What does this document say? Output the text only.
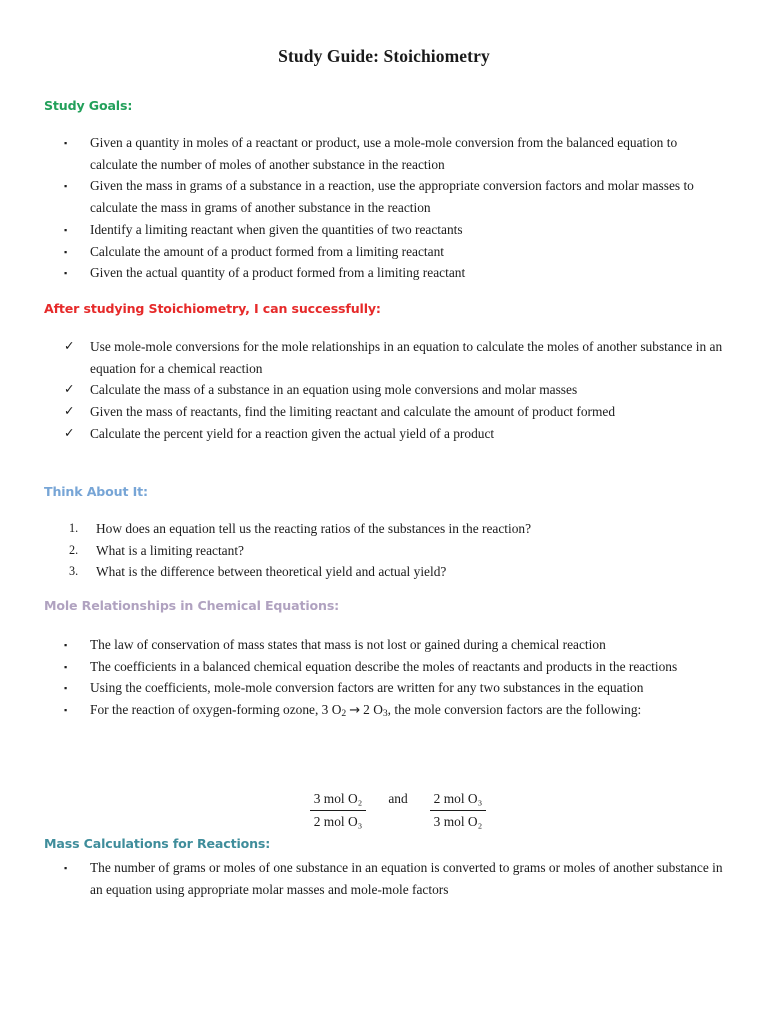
Study Guide: Stoichiometry
Study Goals:
▪	Given a quantity in moles of a reactant or product, use a mole-mole conversion from the balanced equation to calculate the number of moles of another substance in the reaction
▪	Given the mass in grams of a substance in a reaction, use the appropriate conversion factors and molar masses to calculate the mass in grams of another substance in the reaction
▪	Identify a limiting reactant when given the quantities of two reactants
▪	Calculate the amount of a product formed from a limiting reactant
▪	Given the actual quantity of a product formed from a limiting reactant
After studying Stoichiometry, I can successfully:
✓	Use mole-mole conversions for the mole relationships in an equation to calculate the moles of another substance in an equation for a chemical reaction
✓	Calculate the mass of a substance in an equation using mole conversions and molar masses
✓	Given the mass of reactants, find the limiting reactant and calculate the amount of product formed
✓	Calculate the percent yield for a reaction given the actual yield of a product
Think About It:
1.	How does an equation tell us the reacting ratios of the substances in the reaction?
2.	What is a limiting reactant?
3.	What is the difference between theoretical yield and actual yield?
Mole Relationships in Chemical Equations:
▪	The law of conservation of mass states that mass is not lost or gained during a chemical reaction
▪	The coefficients in a balanced chemical equation describe the moles of reactants and products in the reactions
▪	Using the coefficients, mole-mole conversion factors are written for any two substances in the equation
▪	For the reaction of oxygen-forming ozone, 3 $O_2 \to 2$ $O_3$, the mole conversion factors are the following:
$\frac{\text{3 mol O₂}}{\text{2 mol O₃}}$	and	$\frac{\text{2 mol O₃}}{\text{3 mol O₂}}$
Mass Calculations for Reactions:
▪	The number of grams or moles of one substance in an equation is converted to grams or moles of another substance in an equation using appropriate molar masses and mole-mole factors
